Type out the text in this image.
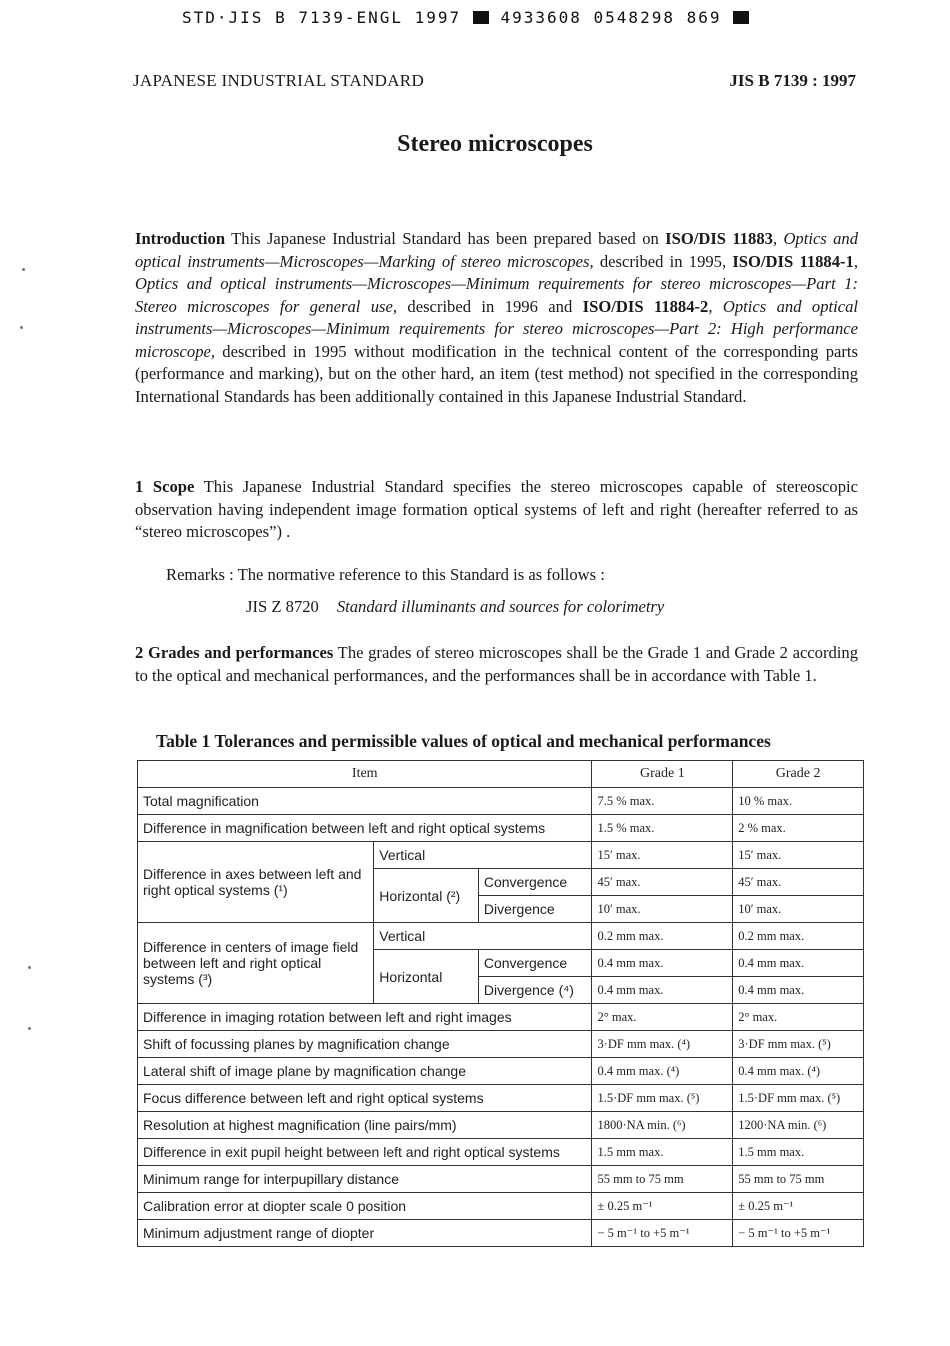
STD·JIS B 7139-ENGL 1997 4933608 0548298 869
JAPANESE INDUSTRIAL STANDARD	JIS B 7139 : 1997
Stereo microscopes
Introduction This Japanese Industrial Standard has been prepared based on ISO/DIS 11883, Optics and optical instruments—Microscopes—Marking of stereo microscopes, described in 1995, ISO/DIS 11884-1, Optics and optical instruments—Microscopes—Minimum requirements for stereo microscopes—Part 1: Stereo microscopes for general use, described in 1996 and ISO/DIS 11884-2, Optics and optical instruments—Microscopes—Minimum requirements for stereo microscopes—Part 2: High performance microscope, described in 1995 without modification in the technical content of the corresponding parts (performance and marking), but on the other hard, an item (test method) not specified in the corresponding International Standards has been additionally contained in this Japanese Industrial Standard.
1 Scope This Japanese Industrial Standard specifies the stereo microscopes capable of stereoscopic observation having independent image formation optical systems of left and right (hereafter referred to as “stereo microscopes”) .
Remarks : The normative reference to this Standard is as follows :
JIS Z 8720 Standard illuminants and sources for colorimetry
2 Grades and performances The grades of stereo microscopes shall be the Grade 1 and Grade 2 according to the optical and mechanical performances, and the performances shall be in accordance with Table 1.
Table 1 Tolerances and permissible values of optical and mechanical performances
Item			Grade 1	Grade 2
Total magnification			7.5 % max.	10 % max.
Difference in magnification between left and right optical systems			1.5 % max.	2 % max.
Difference in axes between left and right optical systems (¹)	Vertical		15′ max.	15′ max.
	Horizontal (²)	Convergence	45′ max.	45′ max.
		Divergence	10′ max.	10′ max.
Difference in centers of image field between left and right optical systems (³)	Vertical		0.2 mm max.	0.2 mm max.
	Horizontal	Convergence	0.4 mm max.	0.4 mm max.
		Divergence (⁴)	0.4 mm max.	0.4 mm max.
Difference in imaging rotation between left and right images			2° max.	2° max.
Shift of focussing planes by magnification change			3·DF mm max. (⁴)	3·DF mm max. (⁵)
Lateral shift of image plane by magnification change			0.4 mm max. (⁴)	0.4 mm max. (⁴)
Focus difference between left and right optical systems			1.5·DF mm max. (⁵)	1.5·DF mm max. (⁵)
Resolution at highest magnification (line pairs/mm)			1800·NA min. (⁶)	1200·NA min. (⁶)
Difference in exit pupil height between left and right optical systems			1.5 mm max.	1.5 mm max.
Minimum range for interpupillary distance			55 mm to 75 mm	55 mm to 75 mm
Calibration error at diopter scale 0 position			± 0.25 m⁻¹	± 0.25 m⁻¹
Minimum adjustment range of diopter			− 5 m⁻¹ to +5 m⁻¹	− 5 m⁻¹ to +5 m⁻¹
